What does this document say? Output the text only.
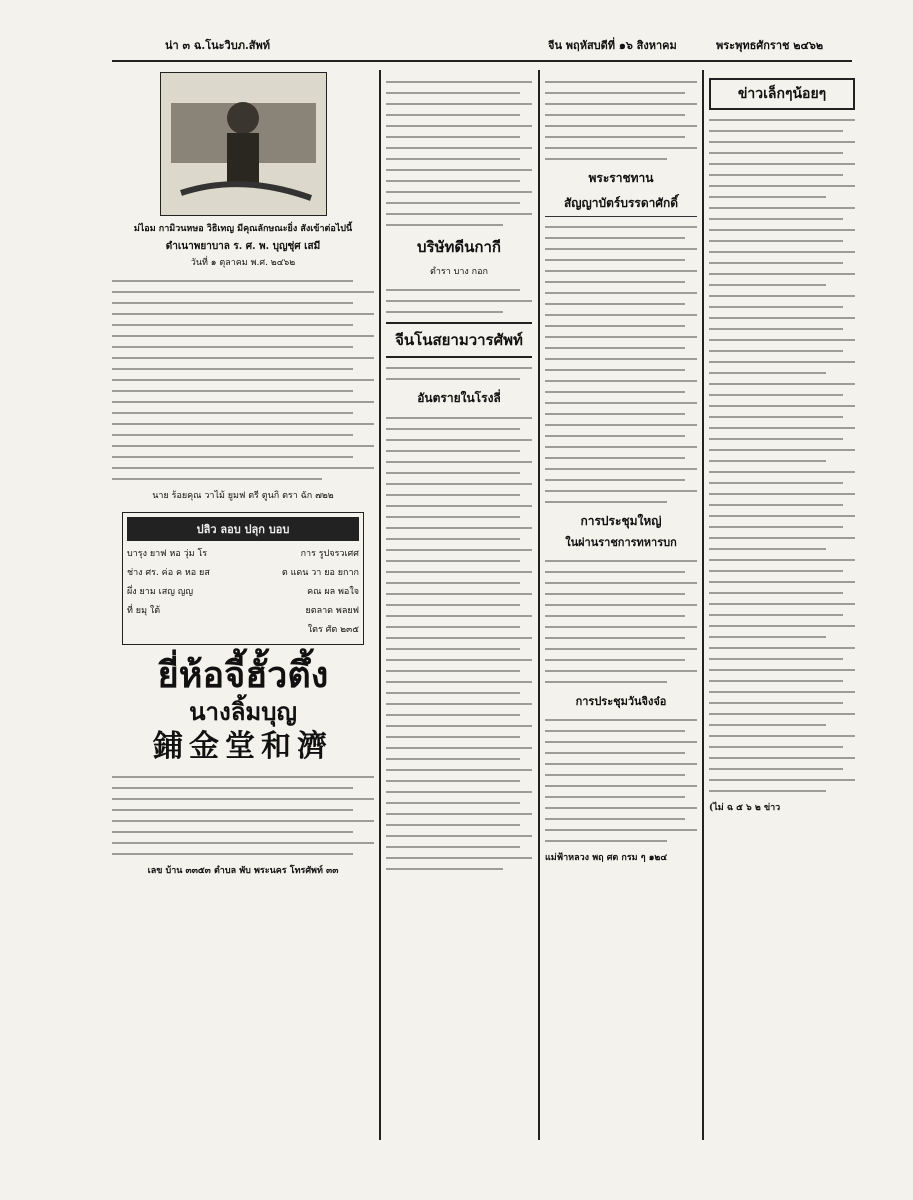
น่า ๓ ฉ.โนะวิบภ.สัพท์	จีน พฤหัสบดีที่ ๑๖ สิงหาคม	พระพุทธศักราช ๒๔๖๒
ม่ไอม กามิวนหษอ วิธิเทญ มีคุณลักษณะยิ่ง สังเข้าต่อไปนี้
ดำเนาพยาบาล ร. ศ. พ. บุญชุ่ศ เสมี
วันที่ ๑ ตุลาคม พ.ศ. ๒๔๖๒
นาย ร้อยคุณ วาไม้ ยูมฟ ตรี ตูนกิ ตรา ฉัก ๗๒๒
ปลิว ลอบ ปลุก บอบ
บารุง ยาฟ หอ วุ่ม โร	การ รูปจรวเศศ
ช่าง ศร. ค่อ ค หอ ยส	ต แดน วา ยอ ยกาก
ผึ่ง ยาม เสญ ญญ	คณ ผล พอใจ
ที่ ยมุ ใต้	ยตลาด พลยฟ
ใตร ศัต ๒๓๕
ยี่ห้อจี้ฮั้วตึ้ง
นางลิ้มบุญ
鋪金堂和濟
เลข บ้าน ๓๓๕๓ ตำบล พับ พระนคร โทรศัพท์ ๓๓
บริษัทดีนกากี
ตำรา บาง กอก
จีนโนสยามวารศัพท์
อันตรายในโรงลี่
พระราชทาน
สัญญาบัตร์บรรดาศักดิ์
การประชุมใหญ่
ในผ่านราชการทหารบก
การประชุมวันจิงจ๋อ
แม่ฟ้าหลวง พฤ ศต กรม ๆ ๑๒๔
ข่าวเล็กๆน้อยๆ
(ไม่ ฉ ๕ ๖ ๒ ข่าว
